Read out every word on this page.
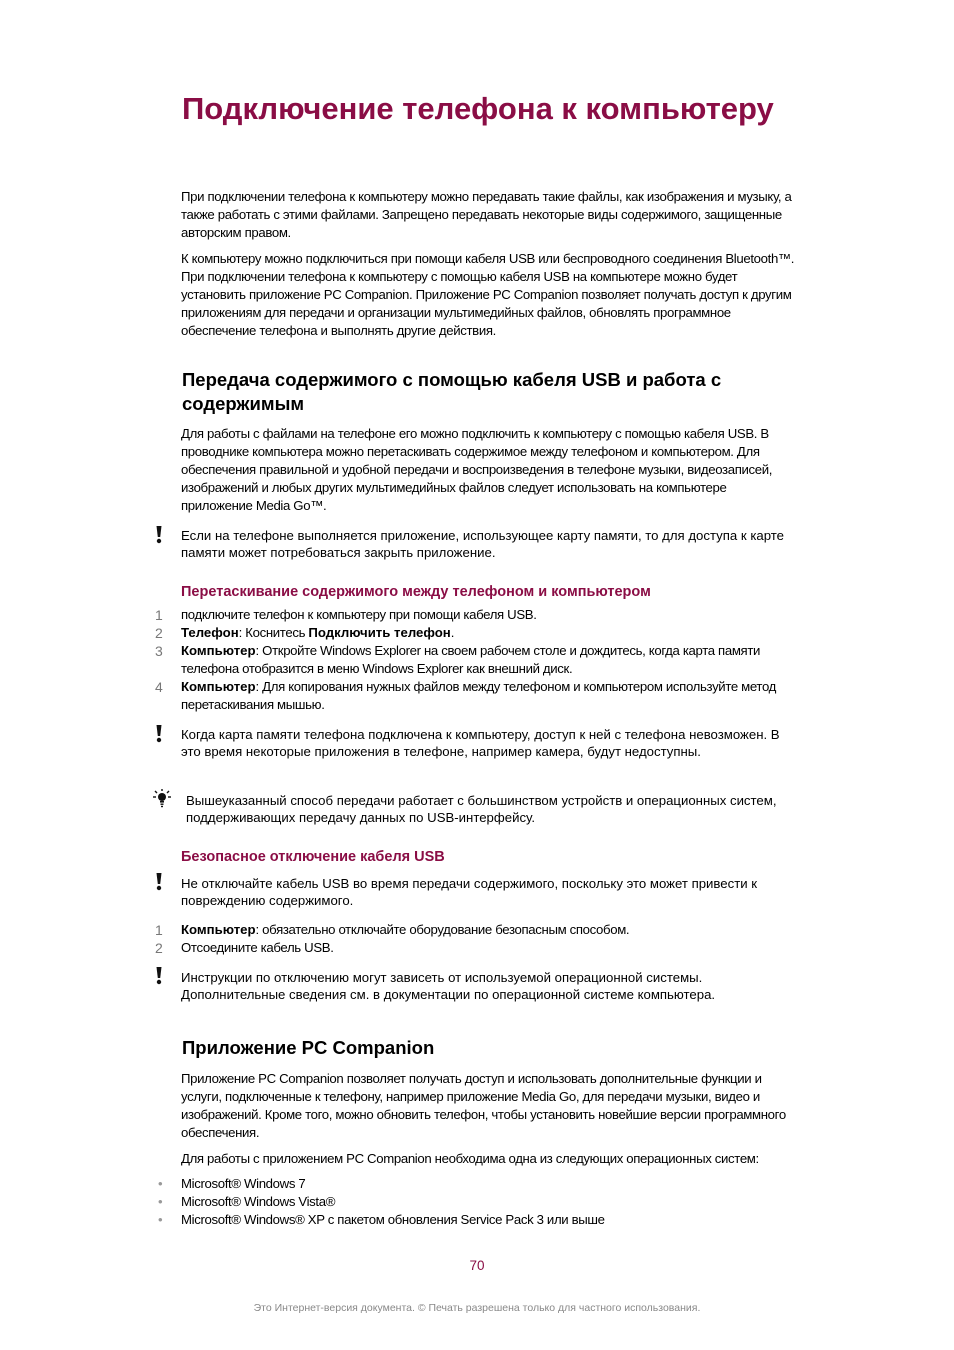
Подключение телефона к компьютеру

При подключении телефона к компьютеру можно передавать такие файлы, как изображения и музыку, а также работать с этими файлами. Запрещено передавать некоторые виды содержимого, защищенные авторским правом.

К компьютеру можно подключиться при помощи кабеля USB или беспроводного соединения Bluetooth™. При подключении телефона к компьютеру с помощью кабеля USB на компьютере можно будет установить приложение PC Companion. Приложение PC Companion позволяет получать доступ к другим приложениям для передачи и организации мультимедийных файлов, обновлять программное обеспечение телефона и выполнять другие действия.

Передача содержимого с помощью кабеля USB и работа с содержимым

Для работы с файлами на телефоне его можно подключить к компьютеру с помощью кабеля USB. В проводнике компьютера можно перетаскивать содержимое между телефоном и компьютером. Для обеспечения правильной и удобной передачи и воспроизведения в телефоне музыки, видеозаписей, изображений и любых других мультимедийных файлов следует использовать на компьютере приложение Media Go™.

Если на телефоне выполняется приложение, использующее карту памяти, то для доступа к карте памяти может потребоваться закрыть приложение.

Перетаскивание содержимого между телефоном и компьютером
1 подключите телефон к компьютеру при помощи кабеля USB.
2 Телефон: Коснитесь Подключить телефон.
3 Компьютер: Откройте Windows Explorer на своем рабочем столе и дождитесь, когда карта памяти телефона отобразится в меню Windows Explorer как внешний диск.
4 Компьютер: Для копирования нужных файлов между телефоном и компьютером используйте метод перетаскивания мышью.

Когда карта памяти телефона подключена к компьютеру, доступ к ней с телефона невозможен. В это время некоторые приложения в телефоне, например камера, будут недоступны.

Вышеуказанный способ передачи работает с большинством устройств и операционных систем, поддерживающих передачу данных по USB-интерфейсу.

Безопасное отключение кабеля USB

Не отключайте кабель USB во время передачи содержимого, поскольку это может привести к повреждению содержимого.

1 Компьютер: обязательно отключайте оборудование безопасным способом.
2 Отсоедините кабель USB.

Инструкции по отключению могут зависеть от используемой операционной системы. Дополнительные сведения см. в документации по операционной системе компьютера.

Приложение PC Companion

Приложение PC Companion позволяет получать доступ и использовать дополнительные функции и услуги, подключенные к телефону, например приложение Media Go, для передачи музыки, видео и изображений. Кроме того, можно обновить телефон, чтобы установить новейшие версии программного обеспечения.

Для работы с приложением PC Companion необходима одна из следующих операционных систем:

• Microsoft® Windows 7
• Microsoft® Windows Vista®
• Microsoft® Windows® XP с пакетом обновления Service Pack 3 или выше
70
Это Интернет-версия документа. © Печать разрешена только для частного использования.
